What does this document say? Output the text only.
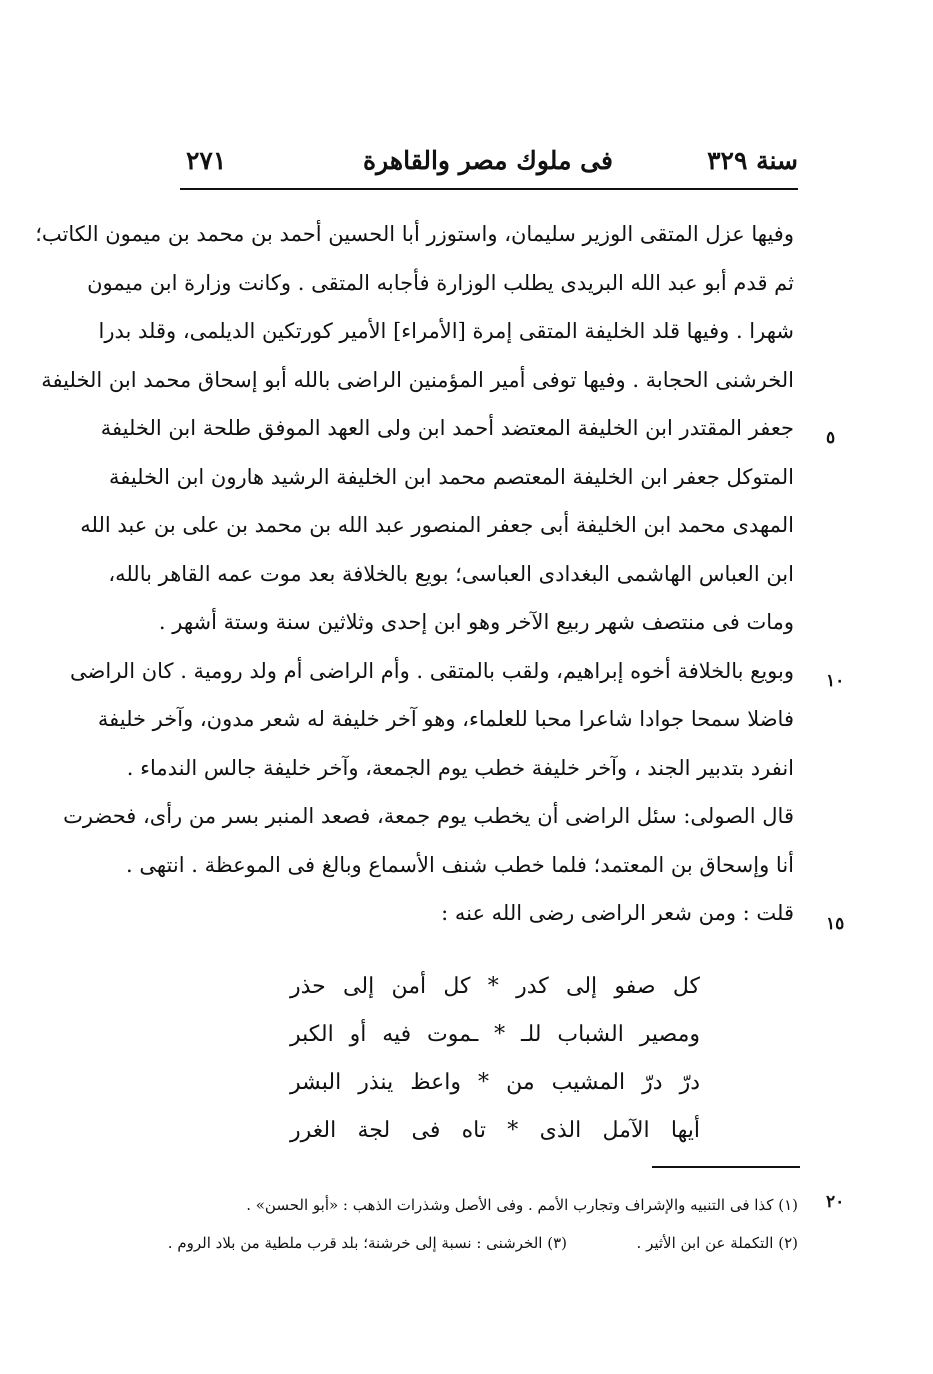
سنة ٣٢٩
فى ملوك مصر والقاهرة
٢٧١
وفيها عزل المتقى الوزير سليمان، واستوزر أبا الحسين أحمد بن محمد بن ميمون الكاتب؛
ثم قدم أبو عبد الله البريدى يطلب الوزارة فأجابه المتقى . وكانت وزارة ابن ميمون
شهرا . وفيها قلد الخليفة المتقى إمرة [الأمراء] الأمير كورتكين الديلمى، وقلد بدرا
الخرشنى الحجابة . وفيها توفى أمير المؤمنين الراضى بالله أبو إسحاق محمد ابن الخليفة
جعفر المقتدر ابن الخليفة المعتضد أحمد ابن ولى العهد الموفق طلحة ابن الخليفة
المتوكل جعفر ابن الخليفة المعتصم محمد ابن الخليفة الرشيد هارون ابن الخليفة
المهدى محمد ابن الخليفة أبى جعفر المنصور عبد الله بن محمد بن على بن عبد الله
ابن العباس الهاشمى البغدادى العباسى؛ بويع بالخلافة بعد موت عمه القاهر بالله،
ومات فى منتصف شهر ربيع الآخر وهو ابن إحدى وثلاثين سنة وستة أشهر .
وبويع بالخلافة أخوه إبراهيم، ولقب بالمتقى . وأم الراضى أم ولد رومية . كان الراضى
فاضلا سمحا جوادا شاعرا محبا للعلماء، وهو آخر خليفة له شعر مدون، وآخر خليفة
انفرد بتدبير الجند ، وآخر خليفة خطب يوم الجمعة، وآخر خليفة جالس الندماء .
قال الصولى: سئل الراضى أن يخطب يوم جمعة، فصعد المنبر بسر من رأى، فحضرت
أنا وإسحاق بن المعتمد؛ فلما خطب شنف الأسماع وبالغ فى الموعظة . انتهى .
قلت : ومن شعر الراضى رضى الله عنه :
٥
١٠
١٥
٢٠
كل صفو إلى كدر * كل أمن إلى حذر
ومصير الشباب للـ * ـموت فيه أو الكبر
درّ درّ المشيب من * واعظ ينذر البشر
أيها الآمل الذى * تاه فى لجة الغرر
(١) كذا فى التنبيه والإشراف وتجارب الأمم . وفى الأصل وشذرات الذهب : «أبو الحسن» .
(٢) التكملة عن ابن الأثير .  (٣) الخرشنى : نسبة إلى خرشنة؛ بلد قرب ملطية من بلاد الروم .
